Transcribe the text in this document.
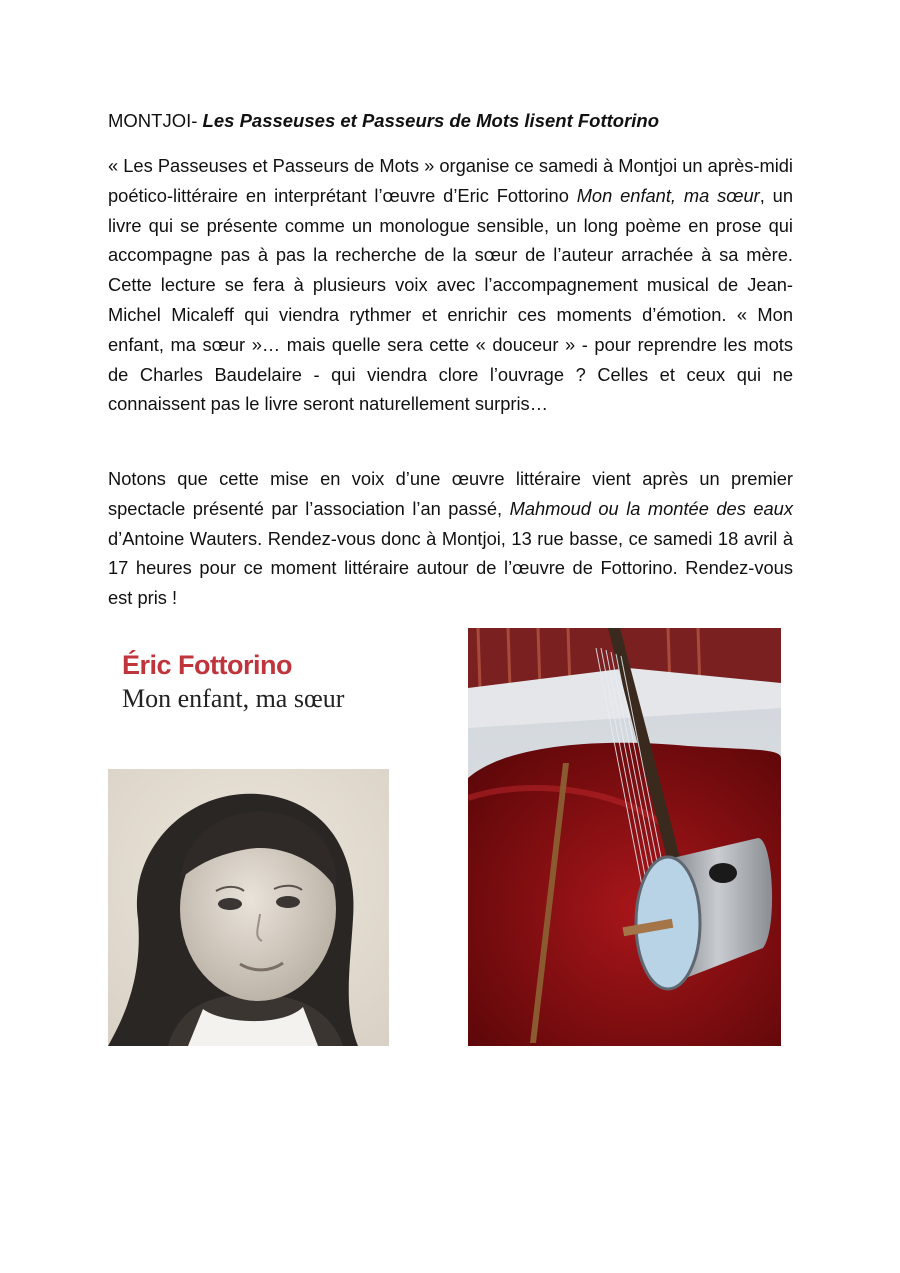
MONTJOI- Les Passeuses et Passeurs de Mots lisent Fottorino

« Les Passeuses et Passeurs de Mots » organise ce samedi à Montjoi un après-midi poético-littéraire en interprétant l’œuvre d’Eric Fottorino Mon enfant, ma sœur, un livre qui se présente comme un monologue sensible, un long poème en prose qui accompagne pas à pas la recherche de la sœur de l’auteur arrachée à sa mère. Cette lecture se fera à plusieurs voix avec l’accompagnement musical de Jean-Michel Micaleff qui viendra rythmer et enrichir ces moments d’émotion. « Mon enfant, ma sœur »… mais quelle sera cette « douceur » - pour reprendre les mots de Charles Baudelaire - qui viendra clore l’ouvrage ? Celles et ceux qui ne connaissent pas le livre seront naturellement surpris…

Notons que cette mise en voix d’une œuvre littéraire vient après un premier spectacle présenté par l’association l’an passé, Mahmoud ou la montée des eaux d’Antoine Wauters. Rendez-vous donc à Montjoi, 13 rue basse, ce samedi 18 avril à 17 heures pour ce moment littéraire autour de l’œuvre de Fottorino. Rendez-vous est pris !

Éric Fottorino

Mon enfant, ma sœur
